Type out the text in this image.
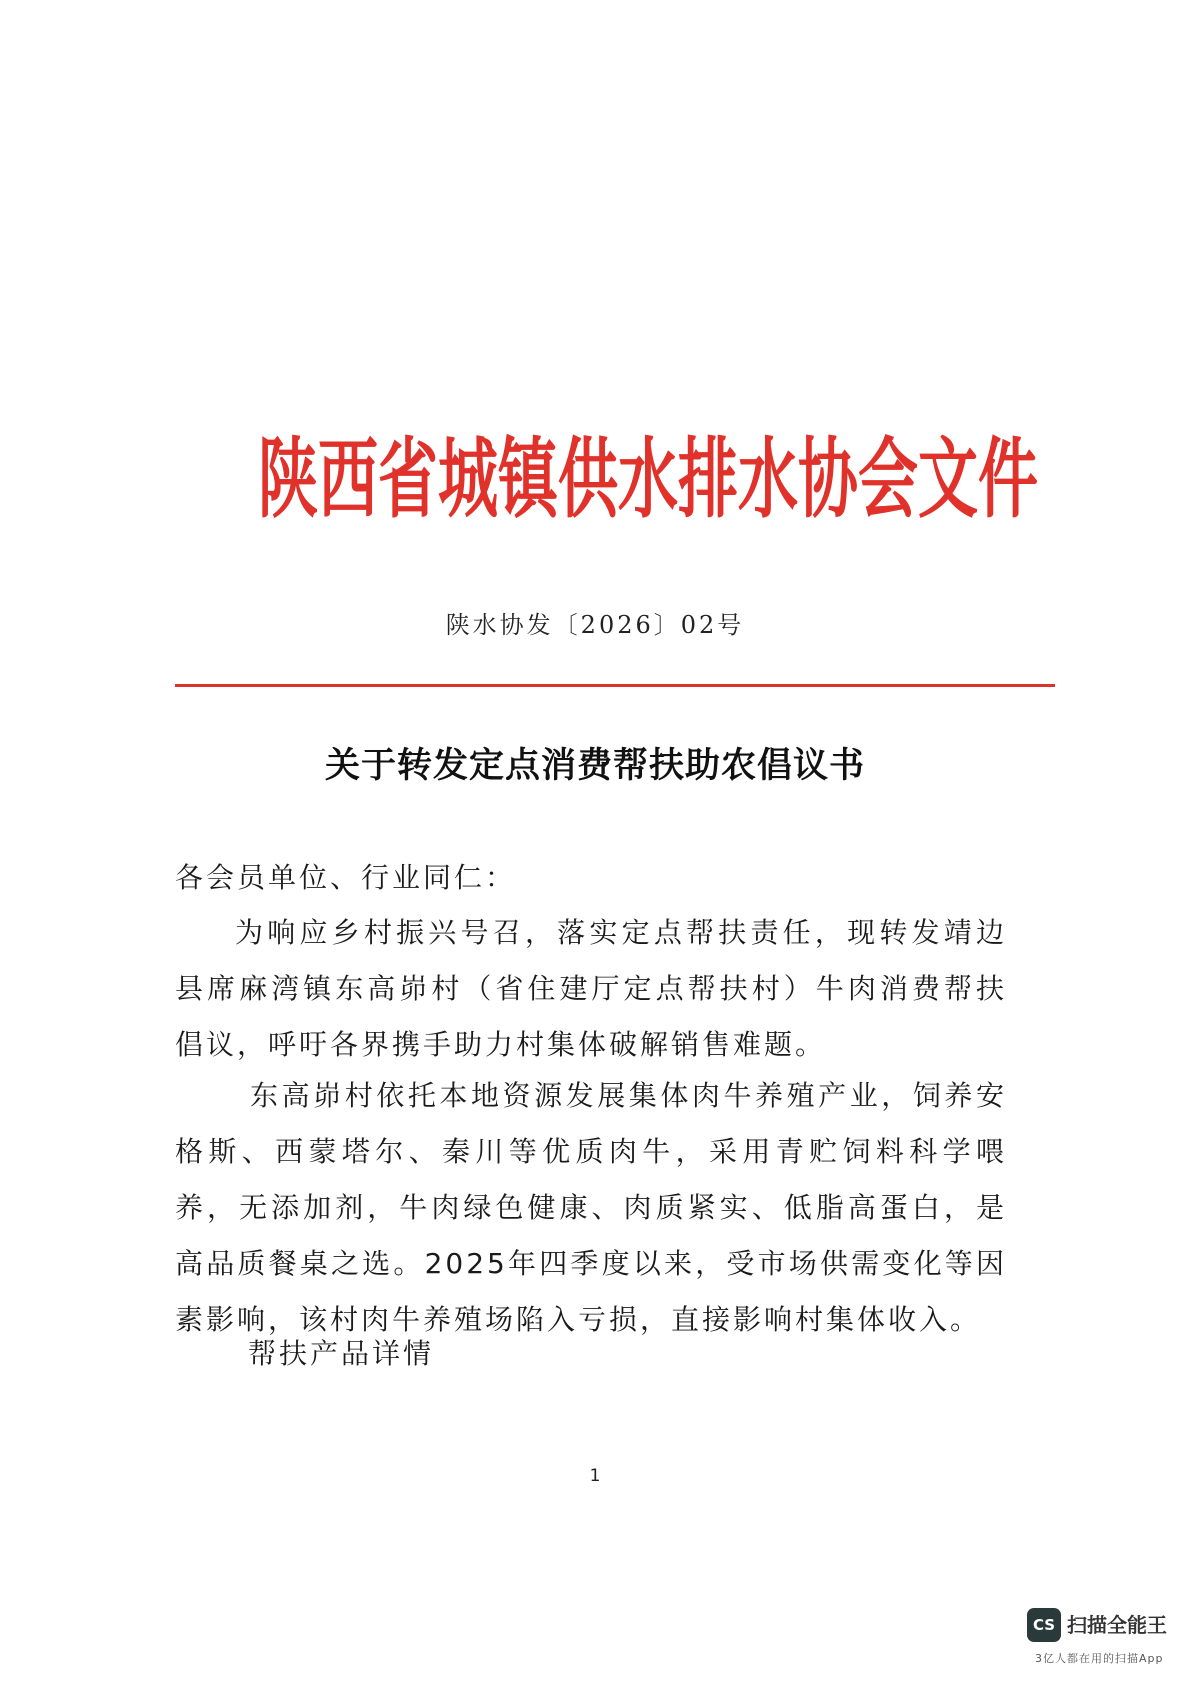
陕西省城镇供水排水协会文件

陕水协发〔2026〕02号

关于转发定点消费帮扶助农倡议书

各会员单位、行业同仁：

为响应乡村振兴号召，落实定点帮扶责任，现转发靖边县席麻湾镇东高峁村（省住建厅定点帮扶村）牛肉消费帮扶倡议，呼吁各界携手助力村集体破解销售难题。

东高峁村依托本地资源发展集体肉牛养殖产业，饲养安格斯、西蒙塔尔、秦川等优质肉牛，采用青贮饲料科学喂养，无添加剂，牛肉绿色健康、肉质紧实、低脂高蛋白，是高品质餐桌之选。2025年四季度以来，受市场供需变化等因素影响，该村肉牛养殖场陷入亏损，直接影响村集体收入。

帮扶产品详情

1

CS 扫描全能王
3亿人都在用的扫描App
